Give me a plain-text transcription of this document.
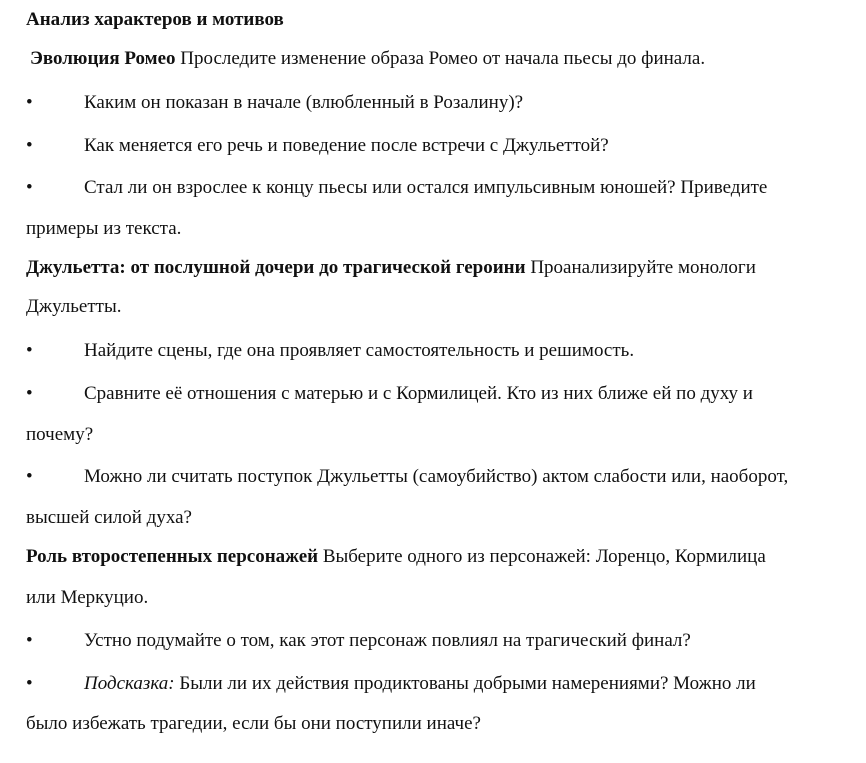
Анализ характеров и мотивов
Эволюция Ромео Проследите изменение образа Ромео от начала пьесы до финала.
•	Каким он показан в начале (влюбленный в Розалину)?
•	Как меняется его речь и поведение после встречи с Джульеттой?
•	Стал ли он взрослее к концу пьесы или остался импульсивным юношей? Приведите
примеры из текста.
Джульетта: от послушной дочери до трагической героини Проанализируйте монологи
Джульетты.
•	Найдите сцены, где она проявляет самостоятельность и решимость.
•	Сравните её отношения с матерью и с Кормилицей. Кто из них ближе ей по духу и
почему?
•	Можно ли считать поступок Джульетты (самоубийство) актом слабости или, наоборот,
высшей силой духа?
Роль второстепенных персонажей Выберите одного из персонажей: Лоренцо, Кормилица
или Меркуцио.
•	Устно подумайте о том, как этот персонаж повлиял на трагический финал?
•	Подсказка: Были ли их действия продиктованы добрыми намерениями? Можно ли
было избежать трагедии, если бы они поступили иначе?
